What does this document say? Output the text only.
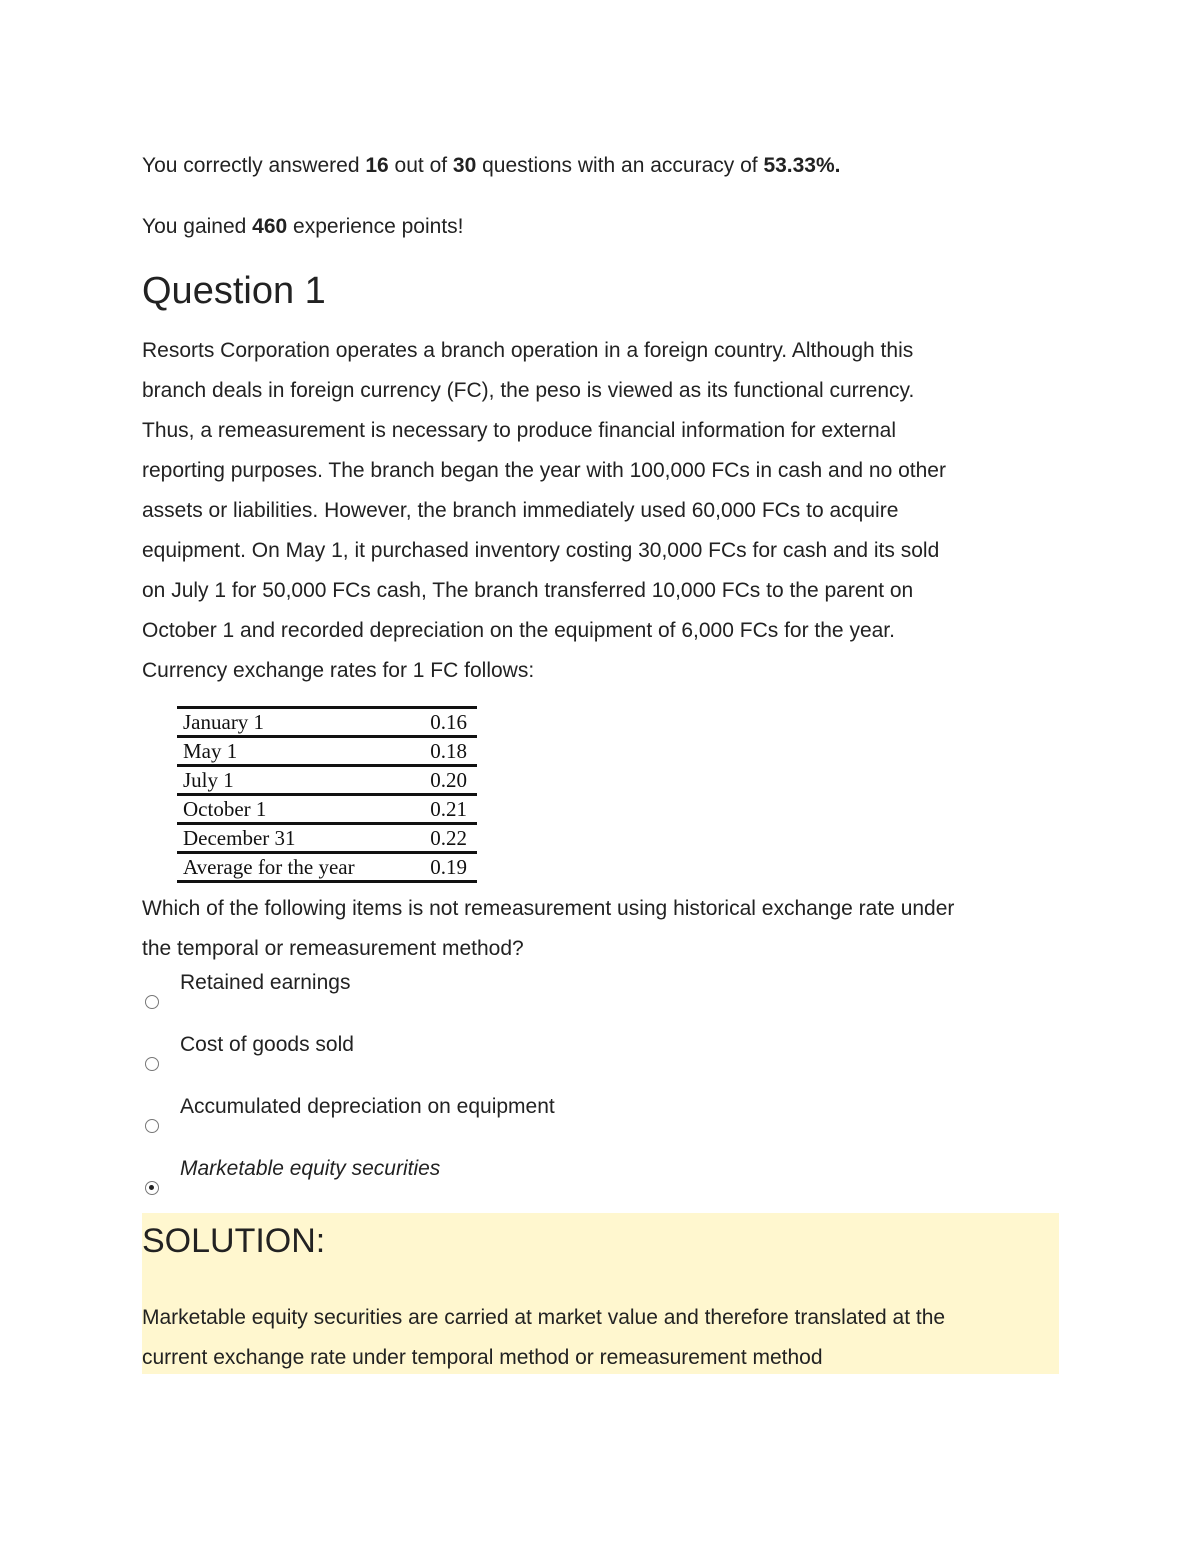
You correctly answered 16 out of 30 questions with an accuracy of 53.33%.

You gained 460 experience points!

Question 1
Resorts Corporation operates a branch operation in a foreign country. Although this
branch deals in foreign currency (FC), the peso is viewed as its functional currency.
Thus, a remeasurement is necessary to produce financial information for external
reporting purposes. The branch began the year with 100,000 FCs in cash and no other
assets or liabilities. However, the branch immediately used 60,000 FCs to acquire
equipment. On May 1, it purchased inventory costing 30,000 FCs for cash and its sold
on July 1 for 50,000 FCs cash, The branch transferred 10,000 FCs to the parent on
October 1 and recorded depreciation on the equipment of 6,000 FCs for the year.
Currency exchange rates for 1 FC follows:
January 1	0.16
May 1	0.18
July 1	0.20
October 1	0.21
December 31	0.22
Average for the year	0.19
Which of the following items is not remeasurement using historical exchange rate under
the temporal or remeasurement method?
Retained earnings
Cost of goods sold
Accumulated depreciation on equipment
Marketable equity securities
SOLUTION:
Marketable equity securities are carried at market value and therefore translated at the
current exchange rate under temporal method or remeasurement method
